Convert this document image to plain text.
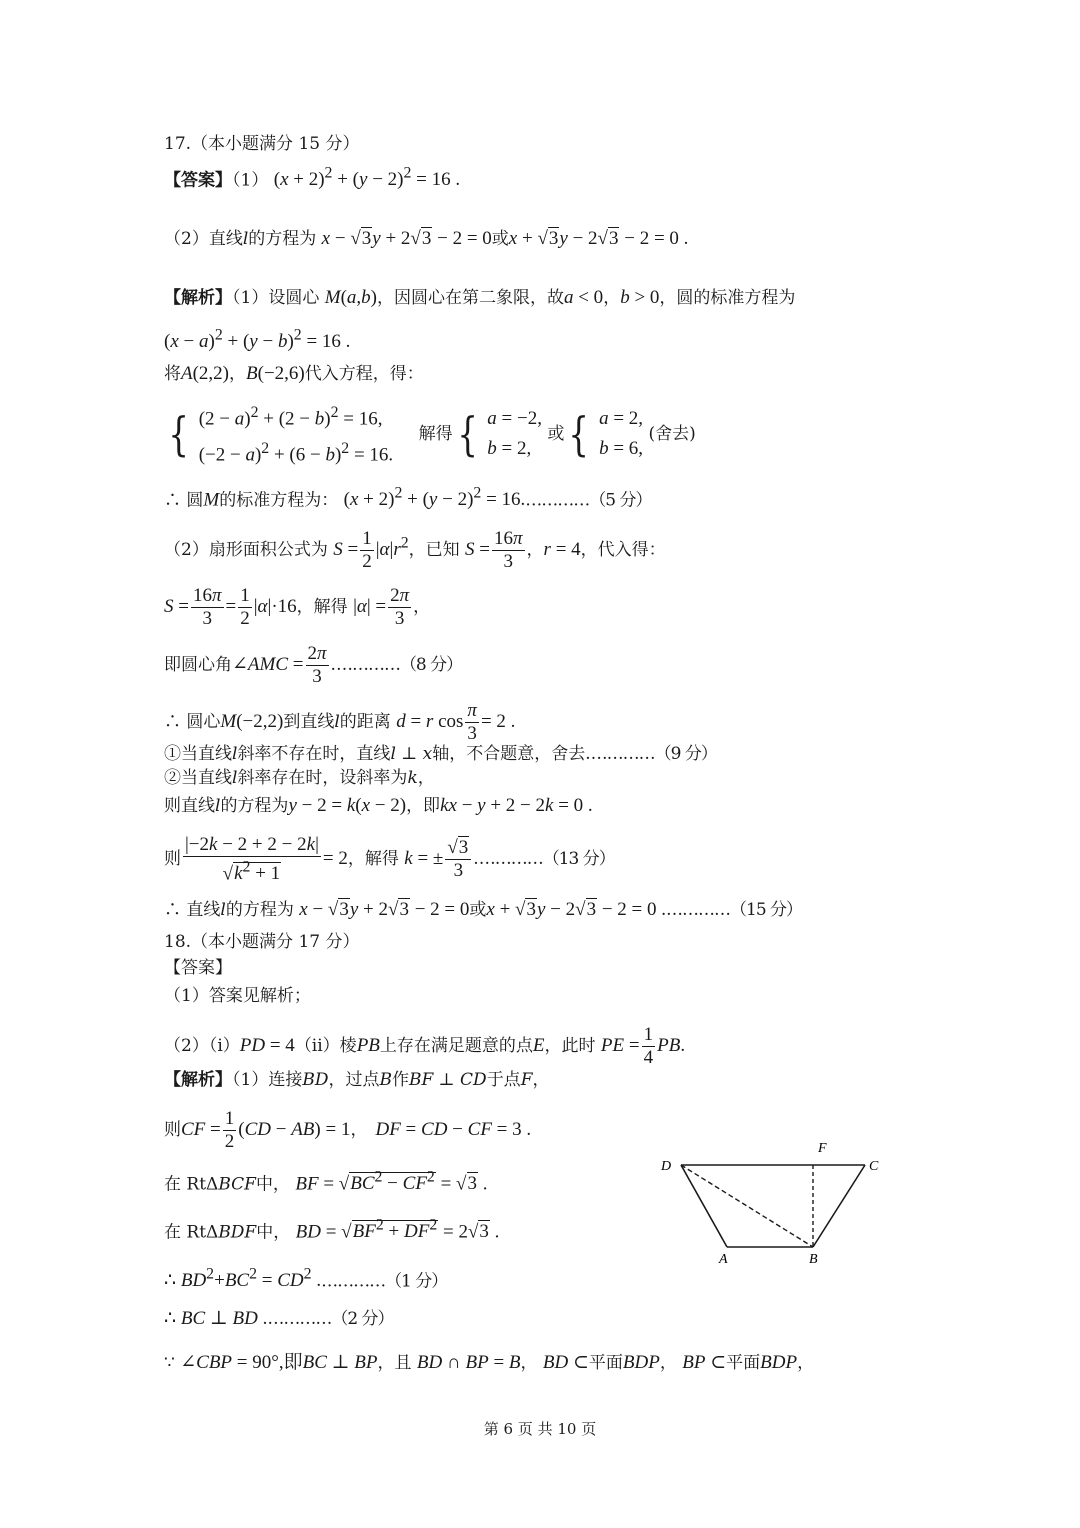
17.（本小题满分 15 分）
【答案】（1） $(x + 2)^2 + (y - 2)^2 = 16$ .
（2）直线l的方程为 x − √3y + 2√3 − 2 = 0或x + √3y − 2√3 − 2 = 0 .
【解析】（1）设圆心 M(a,b)，因圆心在第二象限，故a < 0，b > 0，圆的标准方程为
$(x - a)^2 + (y - b)^2 = 16$ .
将A(2,2)，B(−2,6)代入方程，得：
{ $(2 - a)^2 + (2 - b)^2 = 16$,
$(-2 - a)^2 + (6 - b)^2 = 16$.
解得{ a = −2,
b = 2,
或{ a = 2,
b = 6,
(舍去)
∴ 圆M的标准方程为： $(x + 2)^2 + (y - 2)^2$ = 16.…………（5 分）
（2）扇形面积公式为 $S = \frac{1}{2} |\alpha|r^2$，已知 $S = \frac{16\pi}{3}$ ，r = 4，代入得：
$S = \frac{16\pi}{3} = \frac{1}{2} |\alpha|\cdot 16$，解得 $|\alpha| = \frac{2\pi}{3}$ ，
即圆心角∠AMC = $\frac{2\pi}{3}$ .…………（8 分）
∴ 圆心M(−2,2)到直线l的距离 d = r $\cos \frac{\pi}{3} = 2$ .
①当直线l斜率不存在时，直线l ⊥ x轴，不合题意，舍去.…………（9 分）
②当直线l斜率存在时，设斜率为k，
则直线l的方程为y − 2 = k(x − 2)，即kx − y + 2 − 2k = 0 .
则 $\frac{|-2k - 2 + 2 - 2k|}{√k^2 + 1} = 2$，解得 k = ± $\frac{√3}{3}$ .…………（13 分）
∴ 直线l的方程为 x − √3y + 2√3 − 2 = 0或x + √3y − 2√3 − 2 = 0 .…………（15 分）
18.（本小题满分 17 分）
【答案】
（1）答案见解析；
（2）（i）PD = 4（ii）棱PB上存在满足题意的点E，此时 PE = $\frac{1}{4}$ PB.
【解析】（1）连接BD，过点B作BF ⊥ CD于点F，
则CF = $\frac{1}{2} (CD - AB) = 1$， DF = CD − CF = 3 .
在 RtΔBCF中， BF = $√BC^2 - CF^2 = √3$ .
在 RtΔBDF中， BD = $√BF^2 + DF^2 = 2√3$ .
∴ $BD^2+BC^2 = CD^2$ .…………（1 分）
∴ BC ⊥ BD .…………（2 分）
∵ ∠CBP = 90°,即BC ⊥ BP，且 BD ∩ BP = B， BD ⊂平面BDP， BP ⊂平面BDP，
D
F
C
A	B
第 6 页 共 10 页
